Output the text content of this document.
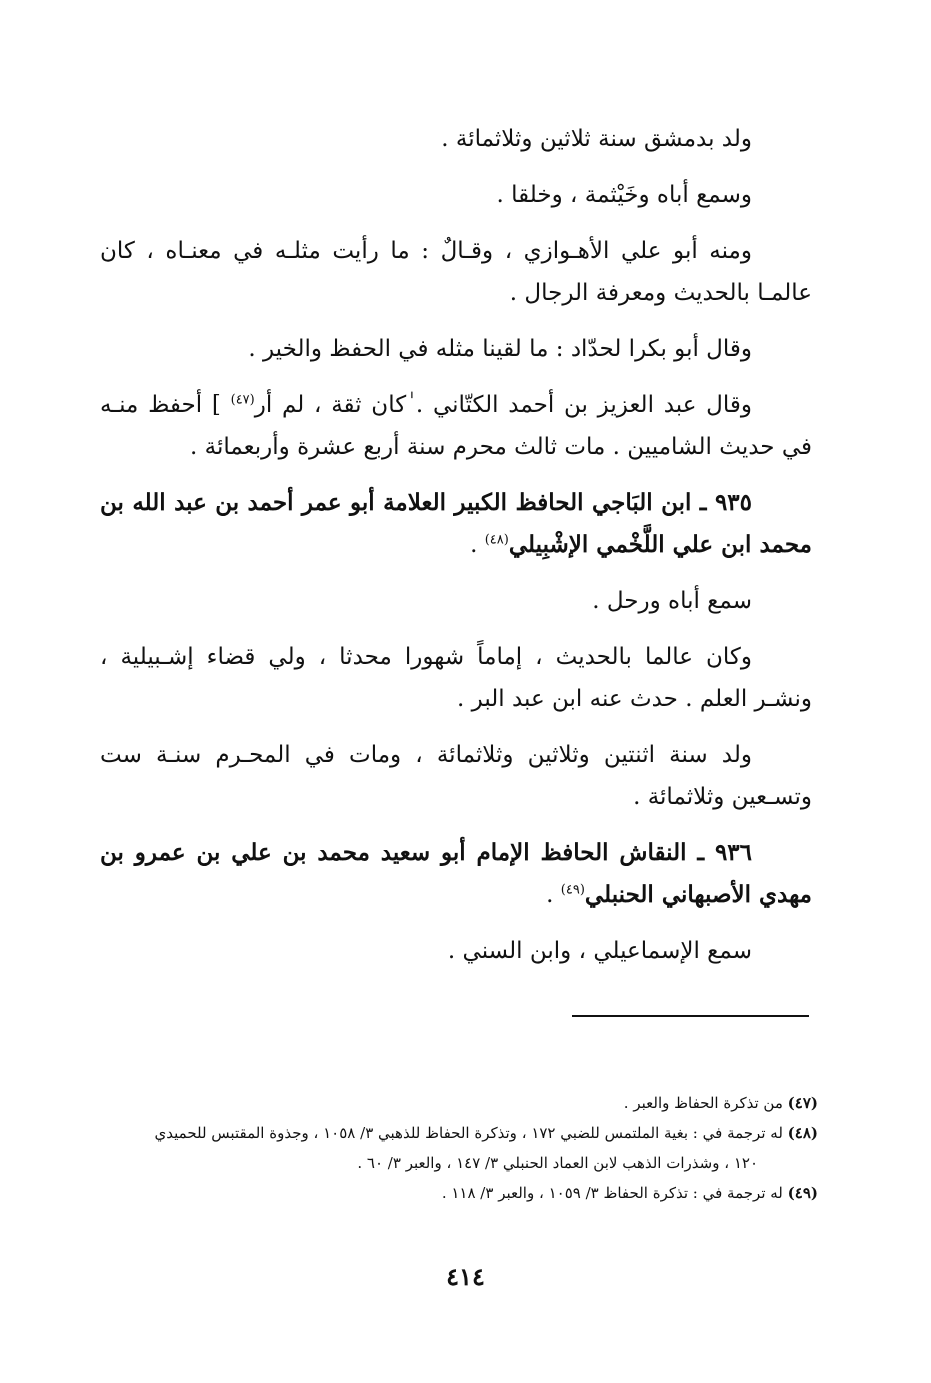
ولد بدمشق سنة ثلاثين وثلاثمائة .

وسمع أباه وخَيْثمة ، وخلقا .

ومنه أبو علي الأهـوازي ، وقـالٌ : ما رأيت مثلـه في معنـاه ، كان عالمـا بالحديث ومعرفة الرجال .

وقال أبو بكرا لحدّاد : ما لقينا مثله في الحفظ والخير .

وقال عبد العزيز بن أحمد الكتّاني . ٰكان ثقة ، لم أر$^{(٤٧)}$ ] أحفظ منـه في حديث الشاميين . مات ثالث محرم سنة أربع عشرة وأربعمائة .

٩٣٥ ـ ابن البَاجي الحافظ الكبير العلامة أبو عمر أحمد بن عبد الله بن محمد ابن علي اللَّخْمي الإشْبِيلي$^{(٤٨)}$ .

سمع أباه ورحل .

وكان عالما بالحديث ، إماماً شهورا محدثا ، ولي قضاء إشـبيلية ، ونشـر العلم . حدث عنه ابن عبد البر .

ولد سنة اثنتين وثلاثين وثلاثمائة ، ومات في المحـرم سنـة ست وتسـعين وثلاثمائة .

٩٣٦ ـ النقاش الحافظ الإمام أبو سعيد محمد بن علي بن عمرو بن مهدي الأصبهاني الحنبلي$^{(٤٩)}$ .

سمع الإسماعيلي ، وابن السني .

(٤٧) من تذكرة الحفاظ والعبر .

(٤٨) له ترجمة في : بغية الملتمس للضبي ١٧٢ ، وتذكرة الحفاظ للذهبي ٣/ ١٠٥٨ ، وجذوة المقتبس للحميدي

١٢٠ ، وشذرات الذهب لابن العماد الحنبلي ٣/ ١٤٧ ، والعبر ٣/ ٦٠ .

(٤٩) له ترجمة في : تذكرة الحفاظ ٣/ ١٠٥٩ ، والعبر ٣/ ١١٨ .

٤١٤
